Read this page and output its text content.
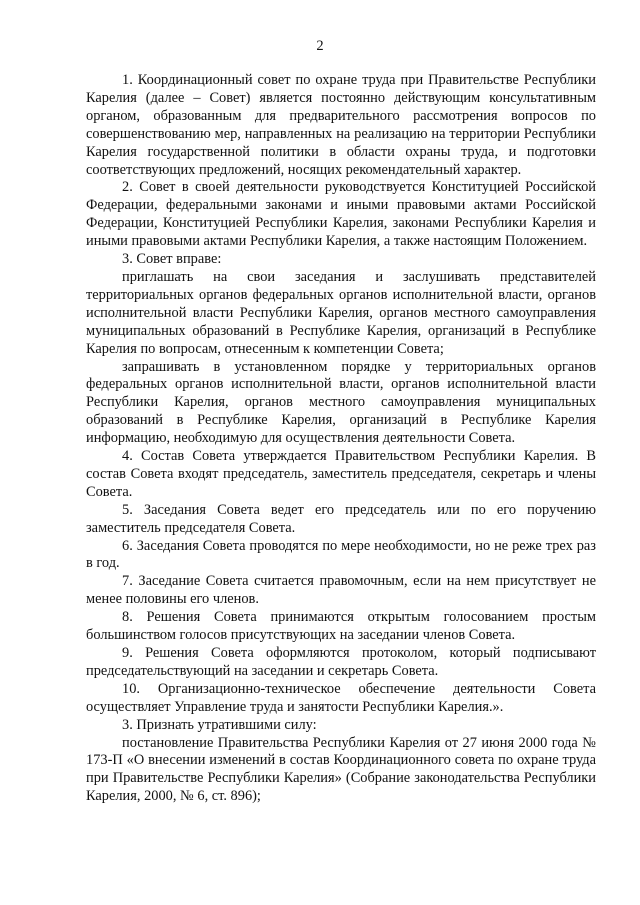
2

1. Координационный совет по охране труда при Правительстве Республики Карелия (далее – Совет) является постоянно действующим консультативным органом, образованным для предварительного рассмотрения вопросов по совершенствованию мер, направленных на реализацию на территории Республики Карелия государственной политики в области охраны труда, и подготовки соответствующих предложений, носящих рекомендательный характер.

2. Совет в своей деятельности руководствуется Конституцией Российской Федерации, федеральными законами и иными правовыми актами Российской Федерации, Конституцией Республики Карелия, законами Республики Карелия и иными правовыми актами Республики Карелия, а также настоящим Положением.

3. Совет вправе:

приглашать на свои заседания и заслушивать представителей территориальных органов федеральных органов исполнительной власти, органов исполнительной власти Республики Карелия, органов местного самоуправления муниципальных образований в Республике Карелия, организаций в Республике Карелия по вопросам, отнесенным к компетенции Совета;

запрашивать в установленном порядке у территориальных органов федеральных органов исполнительной власти, органов исполнительной власти Республики Карелия, органов местного самоуправления муниципальных образований в Республике Карелия, организаций в Республике Карелия информацию, необходимую для осуществления деятельности Совета.

4. Состав Совета утверждается Правительством Республики Карелия. В состав Совета входят председатель, заместитель председателя, секретарь и члены Совета.

5. Заседания Совета ведет его председатель или по его поручению заместитель председателя Совета.

6. Заседания Совета проводятся по мере необходимости, но не реже трех раз в год.

7. Заседание Совета считается правомочным, если на нем присутствует не менее половины его членов.

8. Решения Совета принимаются открытым голосованием простым большинством голосов присутствующих на заседании членов Совета.

9. Решения Совета оформляются протоколом, который подписывают председательствующий на заседании и секретарь Совета.

10. Организационно-техническое обеспечение деятельности Совета осуществляет Управление труда и занятости Республики Карелия.».

3. Признать утратившими силу:

постановление Правительства Республики Карелия от 27 июня 2000 года № 173-П «О внесении изменений в состав Координационного совета по охране труда при Правительстве Республики Карелия» (Собрание законодательства Республики Карелия, 2000, № 6, ст. 896);
